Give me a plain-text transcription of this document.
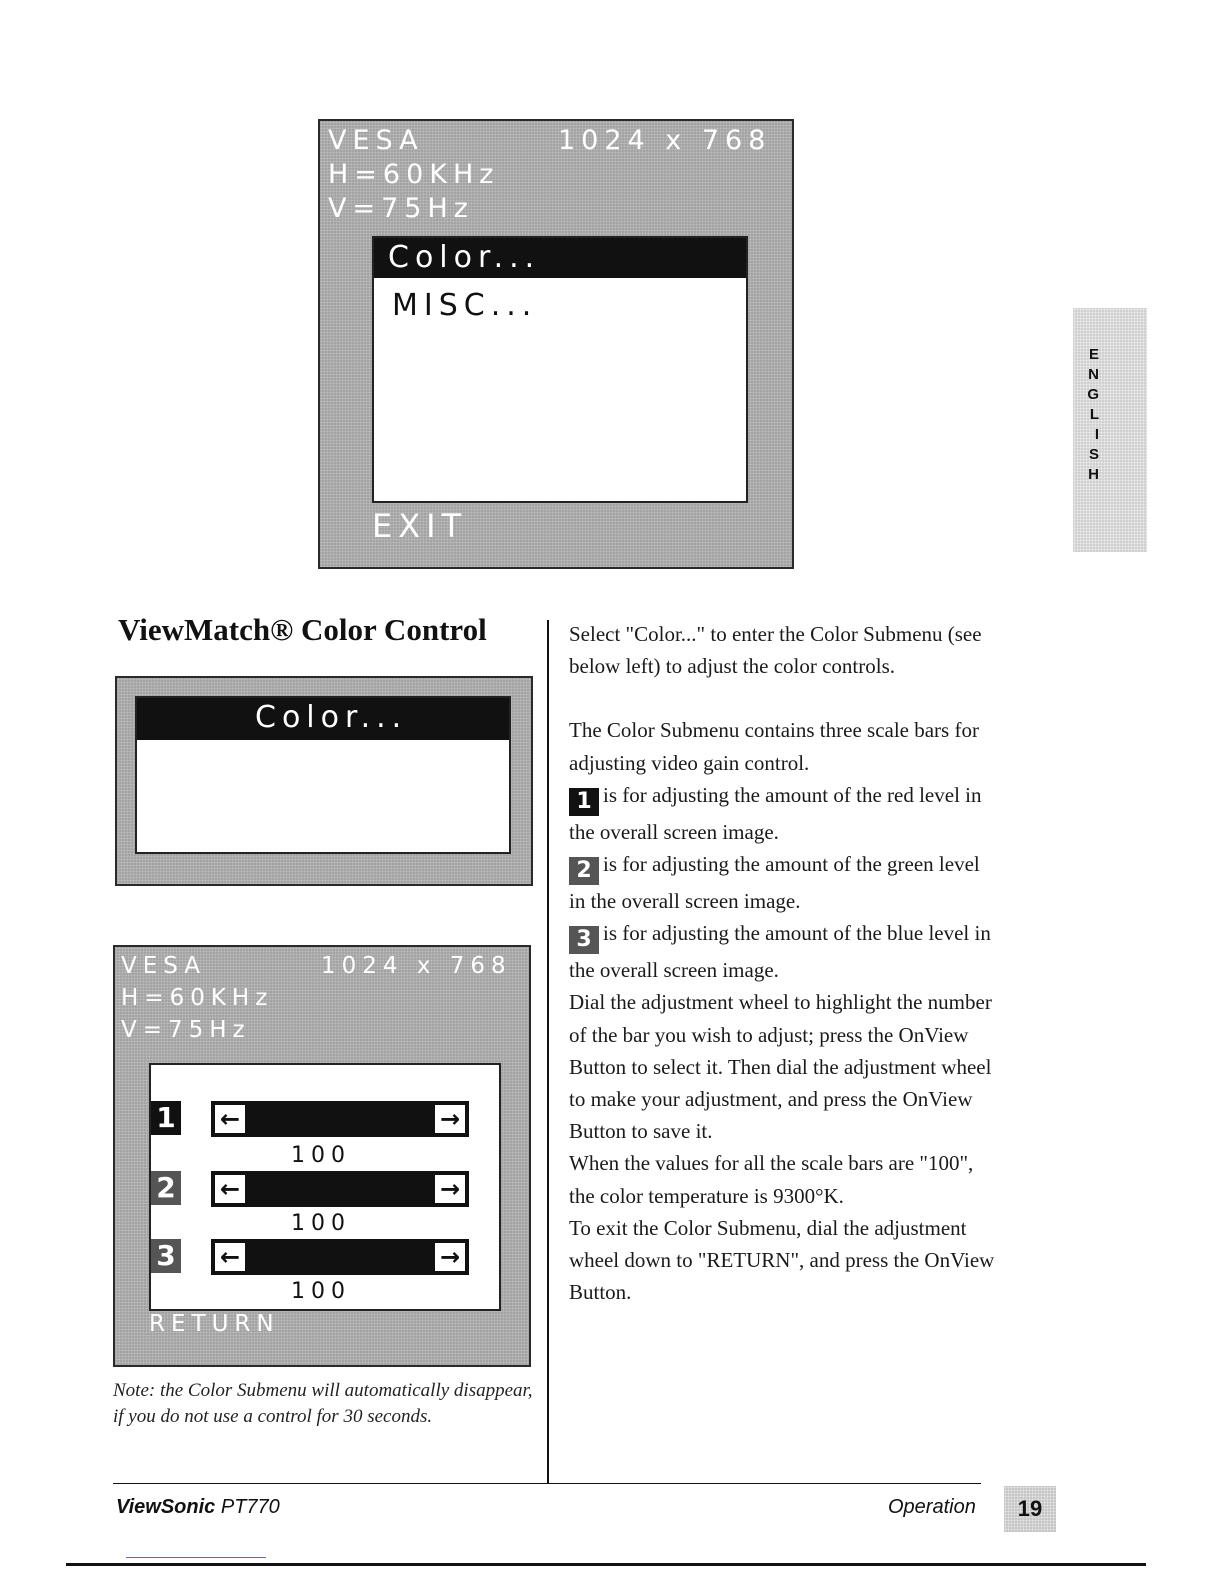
VESA	1024 x 768
H=60KHz
V=75Hz
Color...
MISC...
EXIT
E
N
G
L
I
S
H
ViewMatch® Color Control
Color...
VESA	1024 x 768
H=60KHz
V=75Hz
1 ←	→
100
2 ←	→
100
3 ←	→
100
RETURN
Note: the Color Submenu will automatically disappear, if you do not use a control for 30 seconds.

Select "Color..." to enter the Color Submenu (see below left) to adjust the color controls.

The Color Submenu contains three scale bars for adjusting video gain control.

1 is for adjusting the amount of the red level in the overall screen image.

2 is for adjusting the amount of the green level in the overall screen image.

3 is for adjusting the amount of the blue level in the overall screen image.

Dial the adjustment wheel to highlight the number of the bar you wish to adjust; press the OnView Button to select it. Then dial the adjustment wheel to make your adjustment, and press the OnView Button to save it.

When the values for all the scale bars are "100", the color temperature is 9300°K.

To exit the Color Submenu, dial the adjustment wheel down to "RETURN", and press the OnView Button.

ViewSonic PT770	Operation	19
